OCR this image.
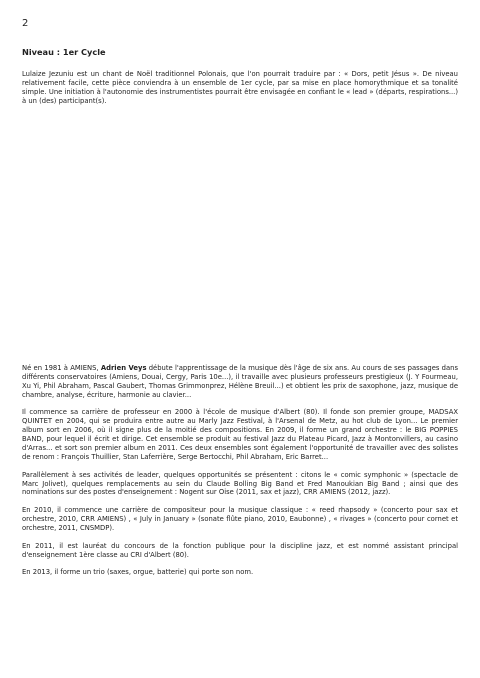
2
Niveau : 1er Cycle

Lulaize Jezuniu est un chant de Noël traditionnel Polonais, que l'on pourrait traduire par : « Dors, petit Jésus ». De niveau relativement facile, cette pièce conviendra à un ensemble de 1er cycle, par sa mise en place homorythmique et sa tonalité simple. Une initiation à l'autonomie des instrumentistes pourrait être envisagée en confiant le « lead » (départs, respirations...) à un (des) participant(s).

Né en 1981 à AMIENS, Adrien Veys débute l'apprentissage de la musique dès l'âge de six ans. Au cours de ses passages dans différents conservatoires (Amiens, Douai, Cergy, Paris 10e...), il travaille avec plusieurs professeurs prestigieux (J. Y Fourmeau, Xu Yi, Phil Abraham, Pascal Gaubert, Thomas Grimmonprez, Hélène Breuil...) et obtient les prix de saxophone, jazz, musique de chambre, analyse, écriture, harmonie au clavier...

Il commence sa carrière de professeur en 2000 à l'école de musique d'Albert (80). Il fonde son premier groupe, MADSAX QUINTET en 2004, qui se produira entre autre au Marly Jazz Festival, à l'Arsenal de Metz, au hot club de Lyon... Le premier album sort en 2006, où il signe plus de la moitié des compositions. En 2009, il forme un grand orchestre : le BIG POPPIES BAND, pour lequel il écrit et dirige. Cet ensemble se produit au festival Jazz du Plateau Picard, Jazz à Montonvillers, au casino d'Arras... et sort son premier album en 2011. Ces deux ensembles sont également l'opportunité de travailler avec des solistes de renom : François Thuillier, Stan Laferrière, Serge Bertocchi, Phil Abraham, Eric Barret...

Parallèlement à ses activités de leader, quelques opportunités se présentent : citons le « comic symphonic » (spectacle de Marc Jolivet), quelques remplacements au sein du Claude Bolling Big Band et Fred Manoukian Big Band ; ainsi que des nominations sur des postes d'enseignement : Nogent sur Oise (2011, sax et jazz), CRR AMIENS (2012, jazz).

En 2010, il commence une carrière de compositeur pour la musique classique : « reed rhapsody » (concerto pour sax et orchestre, 2010, CRR AMIENS) , « July in January » (sonate flûte piano, 2010, Eaubonne) , « rivages » (concerto pour cornet et orchestre, 2011, CNSMDP).

En 2011, il est lauréat du concours de la fonction publique pour la discipline jazz, et est nommé assistant principal d'enseignement 1ère classe au CRI d'Albert (80).

En 2013, il forme un trio (saxes, orgue, batterie) qui porte son nom.
